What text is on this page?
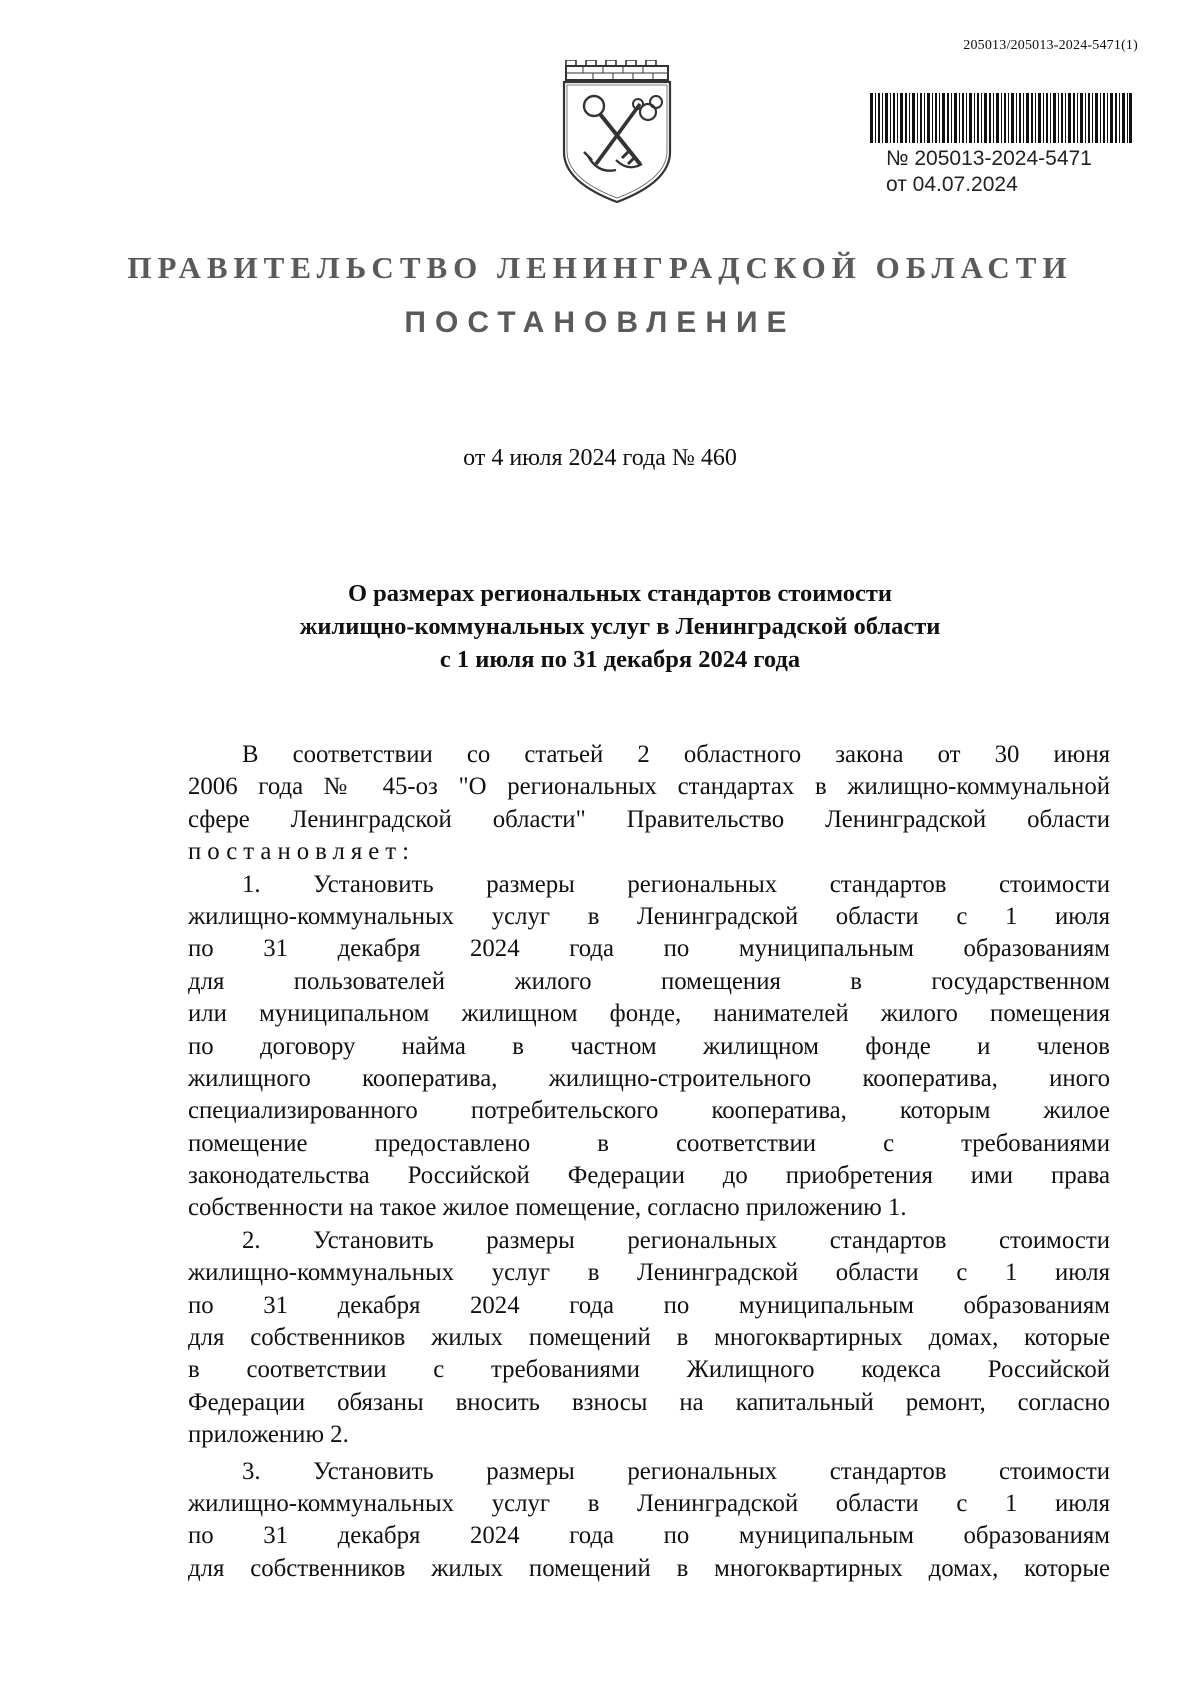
205013/205013-2024-5471(1)
№ 205013-2024-5471
от 04.07.2024
ПРАВИТЕЛЬСТВО ЛЕНИНГРАДСКОЙ ОБЛАСТИ
ПОСТАНОВЛЕНИЕ
от 4 июля 2024 года № 460
О размерах региональных стандартов стоимости
жилищно-коммунальных услуг в Ленинградской области
с 1 июля по 31 декабря 2024 года
В соответствии со статьей 2 областного закона от 30 июня
2006 года № 45-оз "О региональных стандартах в жилищно-коммунальной
сфере Ленинградской области" Правительство Ленинградской области
постановляет:
1. Установить размеры региональных стандартов стоимости
жилищно-коммунальных услуг в Ленинградской области с 1 июля
по 31 декабря 2024 года по муниципальным образованиям
для пользователей жилого помещения в государственном
или муниципальном жилищном фонде, нанимателей жилого помещения
по договору найма в частном жилищном фонде и членов
жилищного кооператива, жилищно-строительного кооператива, иного
специализированного потребительского кооператива, которым жилое
помещение предоставлено в соответствии с требованиями
законодательства Российской Федерации до приобретения ими права
собственности на такое жилое помещение, согласно приложению 1.
2. Установить размеры региональных стандартов стоимости
жилищно-коммунальных услуг в Ленинградской области с 1 июля
по 31 декабря 2024 года по муниципальным образованиям
для собственников жилых помещений в многоквартирных домах, которые
в соответствии с требованиями Жилищного кодекса Российской
Федерации обязаны вносить взносы на капитальный ремонт, согласно
приложению 2.
3. Установить размеры региональных стандартов стоимости
жилищно-коммунальных услуг в Ленинградской области с 1 июля
по 31 декабря 2024 года по муниципальным образованиям
для собственников жилых помещений в многоквартирных домах, которые
